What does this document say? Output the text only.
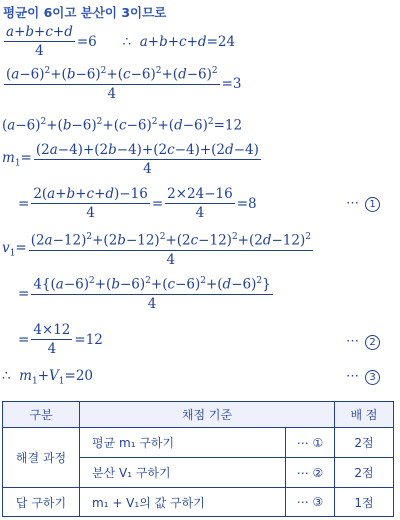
평균이 6이고 분산이 3이므로
$\frac{a+b+c+d}{4} =6$      ∴  a+b+c+d=24
$\frac{(a-6)^2+(b-6)^2+(c-6)^2+(d-6)^2}{4} =3$
$(a-6)^2+(b-6)^2+(c-6)^2+(d-6)^2=12$
$m_1= \frac{(2a-4)+(2b-4)+(2c-4)+(2d-4)}{4}$
= $\frac{2(a+b+c+d)-16}{4} = \frac{2\times 24-16}{4} =8$	⋯ 1
$v_1= \frac{(2a-12)^2+(2b-12)^2+(2c-12)^2+(2d-12)^2}{4}$
= $\frac{4\{(a-6)^2+(b-6)^2+(c-6)^2+(d-6)^2\}}{4}$
= $\frac{4\times 12}{4} =12$	⋯ 2
∴  $m_1+V_1=20$	⋯ 3
구분	채점 기준		배 점
해결 과정	평균 m₁ 구하기	⋯ ①	2점
	분산 V₁ 구하기	⋯ ②	2점
답 구하기	m₁ + V₁의 값 구하기	⋯ ③	1점
